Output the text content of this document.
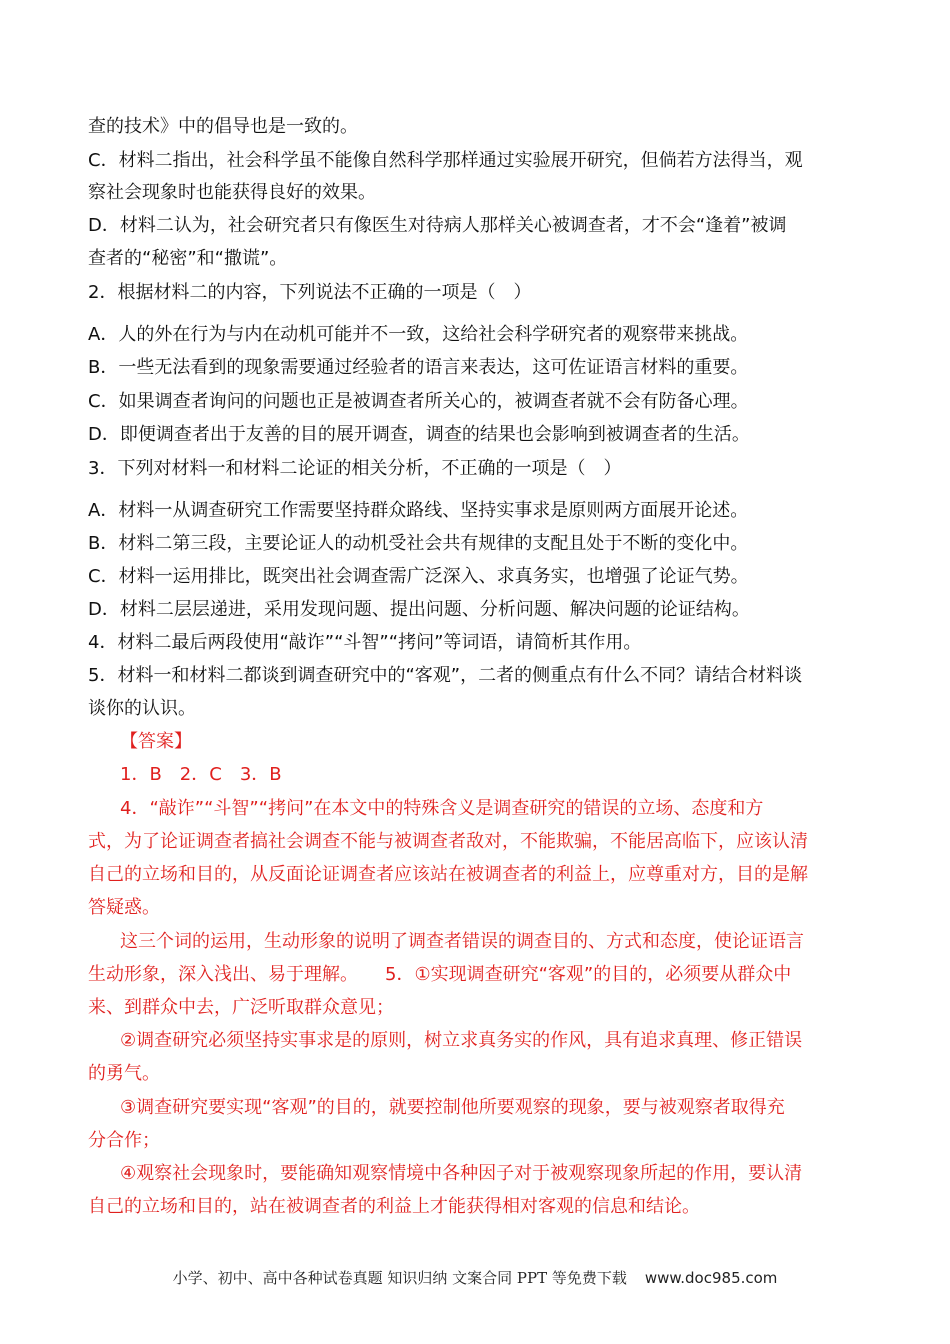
查的技术》中的倡导也是一致的。
C．材料二指出，社会科学虽不能像自然科学那样通过实验展开研究，但倘若方法得当，观
察社会现象时也能获得良好的效果。
D．材料二认为，社会研究者只有像医生对待病人那样关心被调查者，才不会“逢着”被调
查者的“秘密”和“撒谎”。
2．根据材料二的内容，下列说法不正确的一项是（　）
A．人的外在行为与内在动机可能并不一致，这给社会科学研究者的观察带来挑战。
B．一些无法看到的现象需要通过经验者的语言来表达，这可佐证语言材料的重要。
C．如果调查者询问的问题也正是被调查者所关心的，被调查者就不会有防备心理。
D．即便调查者出于友善的目的展开调查，调查的结果也会影响到被调查者的生活。
3．下列对材料一和材料二论证的相关分析，不正确的一项是（　）
A．材料一从调查研究工作需要坚持群众路线、坚持实事求是原则两方面展开论述。
B．材料二第三段，主要论证人的动机受社会共有规律的支配且处于不断的变化中。
C．材料一运用排比，既突出社会调查需广泛深入、求真务实，也增强了论证气势。
D．材料二层层递进，采用发现问题、提出问题、分析问题、解决问题的论证结构。
4．材料二最后两段使用“敲诈”“斗智”“拷问”等词语，请简析其作用。
5．材料一和材料二都谈到调查研究中的“客观”，二者的侧重点有什么不同？请结合材料谈
谈你的认识。
【答案】
1．B　2．C　3．B
4．“敲诈”“斗智”“拷问”在本文中的特殊含义是调查研究的错误的立场、态度和方
式，为了论证调查者搞社会调查不能与被调查者敌对，不能欺骗，不能居高临下，应该认清
自己的立场和目的，从反面论证调查者应该站在被调查者的利益上，应尊重对方，目的是解
答疑惑。
这三个词的运用，生动形象的说明了调查者错误的调查目的、方式和态度，使论证语言
生动形象，深入浅出、易于理解。　　5．①实现调查研究“客观”的目的，必须要从群众中
来、到群众中去，广泛听取群众意见；
②调查研究必须坚持实事求是的原则，树立求真务实的作风，具有追求真理、修正错误
的勇气。
③调查研究要实现“客观”的目的，就要控制他所要观察的现象，要与被观察者取得充
分合作；
④观察社会现象时，要能确知观察情境中各种因子对于被观察现象所起的作用，要认清
自己的立场和目的，站在被调查者的利益上才能获得相对客观的信息和结论。
小学、初中、高中各种试卷真题 知识归纳 文案合同 PPT 等免费下载 www.doc985.com
